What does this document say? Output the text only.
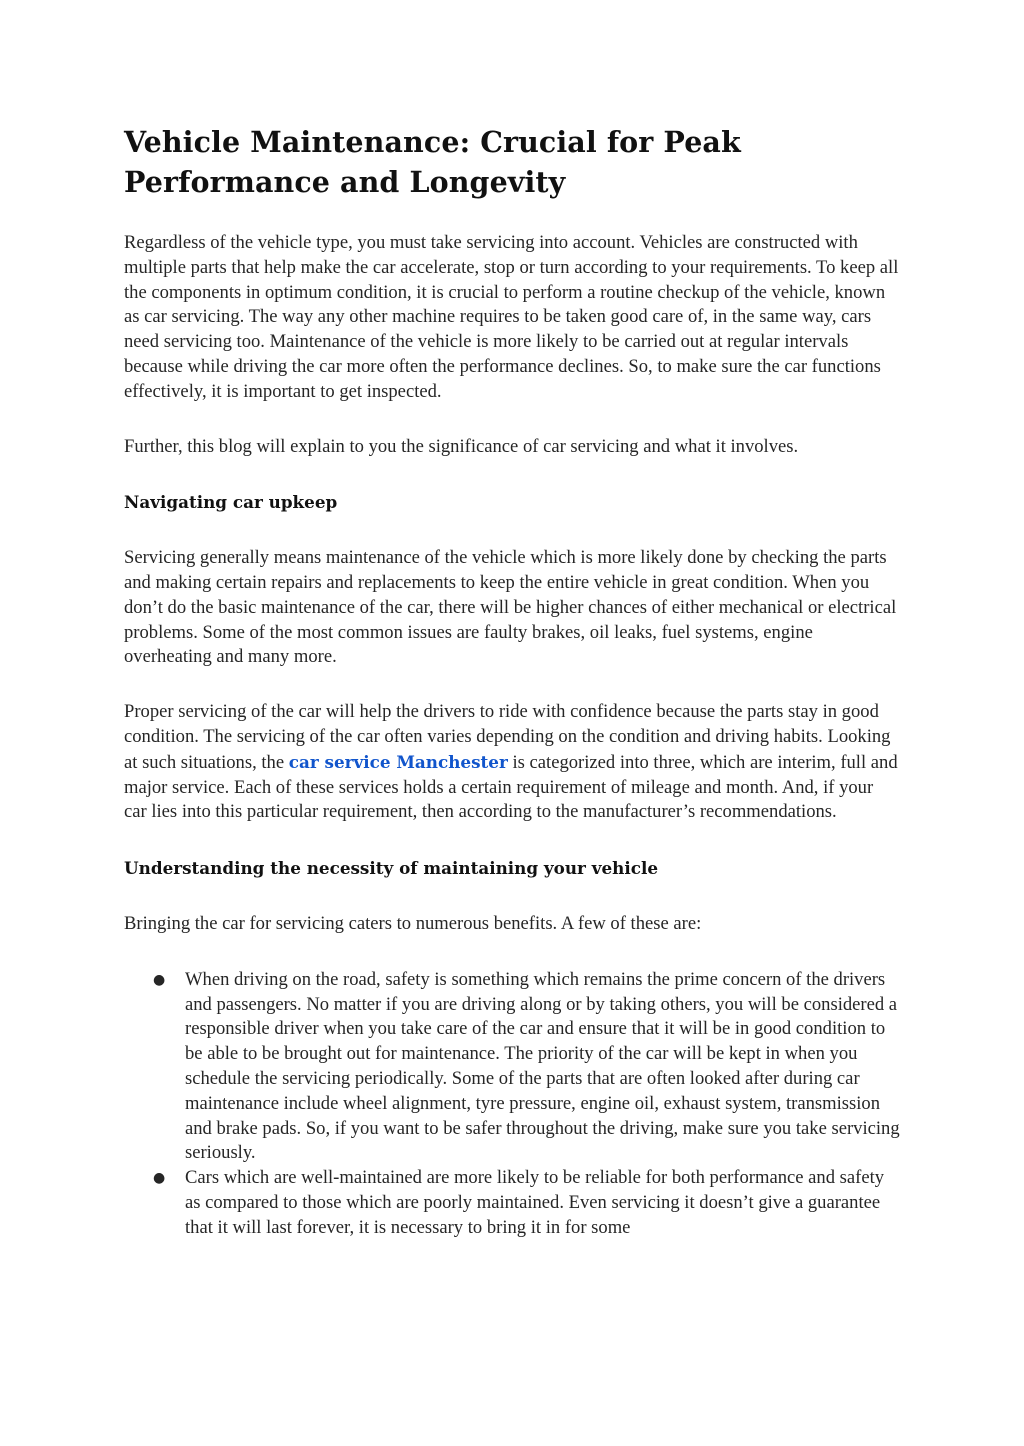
Vehicle Maintenance: Crucial for Peak Performance and Longevity

Regardless of the vehicle type, you must take servicing into account. Vehicles are constructed with multiple parts that help make the car accelerate, stop or turn according to your requirements. To keep all the components in optimum condition, it is crucial to perform a routine checkup of the vehicle, known as car servicing. The way any other machine requires to be taken good care of, in the same way, cars need servicing too. Maintenance of the vehicle is more likely to be carried out at regular intervals because while driving the car more often the performance declines. So, to make sure the car functions effectively, it is important to get inspected.

Further, this blog will explain to you the significance of car servicing and what it involves.

Navigating car upkeep

Servicing generally means maintenance of the vehicle which is more likely done by checking the parts and making certain repairs and replacements to keep the entire vehicle in great condition. When you don’t do the basic maintenance of the car, there will be higher chances of either mechanical or electrical problems. Some of the most common issues are faulty brakes, oil leaks, fuel systems, engine overheating and many more.

Proper servicing of the car will help the drivers to ride with confidence because the parts stay in good condition. The servicing of the car often varies depending on the condition and driving habits. Looking at such situations, the car service Manchester is categorized into three, which are interim, full and major service. Each of these services holds a certain requirement of mileage and month. And, if your car lies into this particular requirement, then according to the manufacturer’s recommendations.

Understanding the necessity of maintaining your vehicle

Bringing the car for servicing caters to numerous benefits. A few of these are:

● When driving on the road, safety is something which remains the prime concern of the drivers and passengers. No matter if you are driving along or by taking others, you will be considered a responsible driver when you take care of the car and ensure that it will be in good condition to be able to be brought out for maintenance. The priority of the car will be kept in when you schedule the servicing periodically. Some of the parts that are often looked after during car maintenance include wheel alignment, tyre pressure, engine oil, exhaust system, transmission and brake pads. So, if you want to be safer throughout the driving, make sure you take servicing seriously.
● Cars which are well-maintained are more likely to be reliable for both performance and safety as compared to those which are poorly maintained. Even servicing it doesn’t give a guarantee that it will last forever, it is necessary to bring it in for some
